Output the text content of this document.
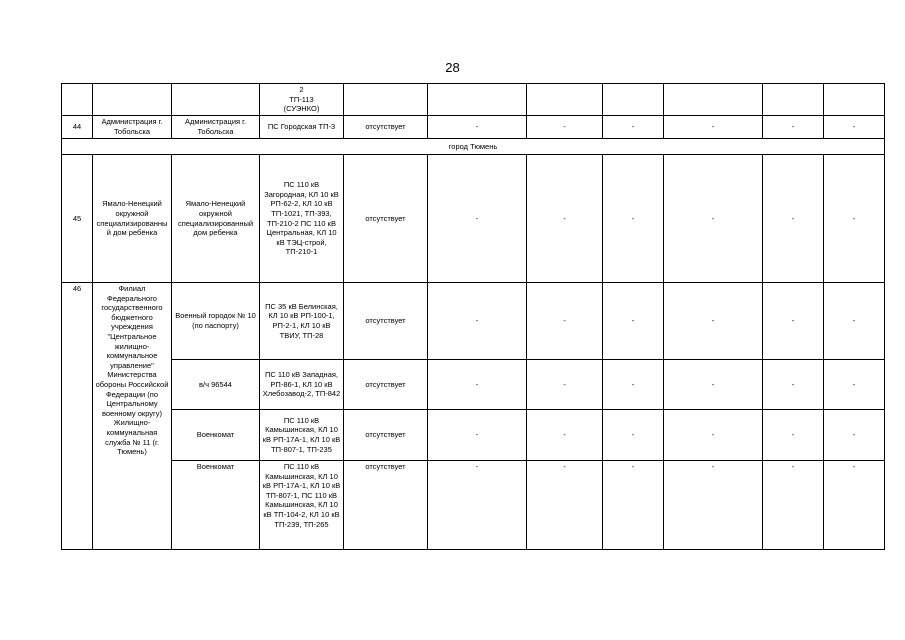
28
			2
ТП-113
(СУЭНКО)							
44	Администрация г. Тобольска	Администрация г. Тобольска	ПС Городская ТП-3	отсутствует	-	-	-	-	-	-
город Тюмень										
45	Ямало-Ненецкий окружной специализированный дом ребёнка	Ямало-Ненецкий окружной специализированный дом ребенка	ПС 110 кВ Загородная, КЛ 10 кВ РП-62-2, КЛ 10 кВ ТП-1021, ТП-393, ТП-210-2 ПС 110 кВ Центральная, КЛ 10 кВ ТЭЦ-строй, ТП-210-1	отсутствует	-	-	-	-	-	-
46	Филиал Федерального государственного бюджетного учреждения "Центральное жилищно-коммунальное управление" Министерства обороны Российской Федерации (по Центральному военному округу) Жилищно-коммунальная служба № 11 (г. Тюмень)	Военный городок № 10 (по паспорту)	ПС 35 кВ Белинская, КЛ 10 кВ РП-100-1, РП-2-1, КЛ 10 кВ ТВИУ, ТП-28	отсутствует	-	-	-	-	-	-
		в/ч 96544	ПС 110 кВ Западная, РП-86-1, КЛ 10 кВ Хлебозавод-2, ТП-842	отсутствует	-	-	-	-	-	-
		Военкомат	ПС 110 кВ Камышинская, КЛ 10 кВ РП-17А-1, КЛ 10 кВ ТП-807-1, ТП-235	отсутствует	-	-	-	-	-	-
		Военкомат	ПС 110 кВ Камышинская, КЛ 10 кВ РП-17А-1, КЛ 10 кВ ТП-807-1, ПС 110 кВ Камышинская, КЛ 10 кВ ТП-104-2, КЛ 10 кВ ТП-239, ТП-265	отсутствует	-	-	-	-	-	-
